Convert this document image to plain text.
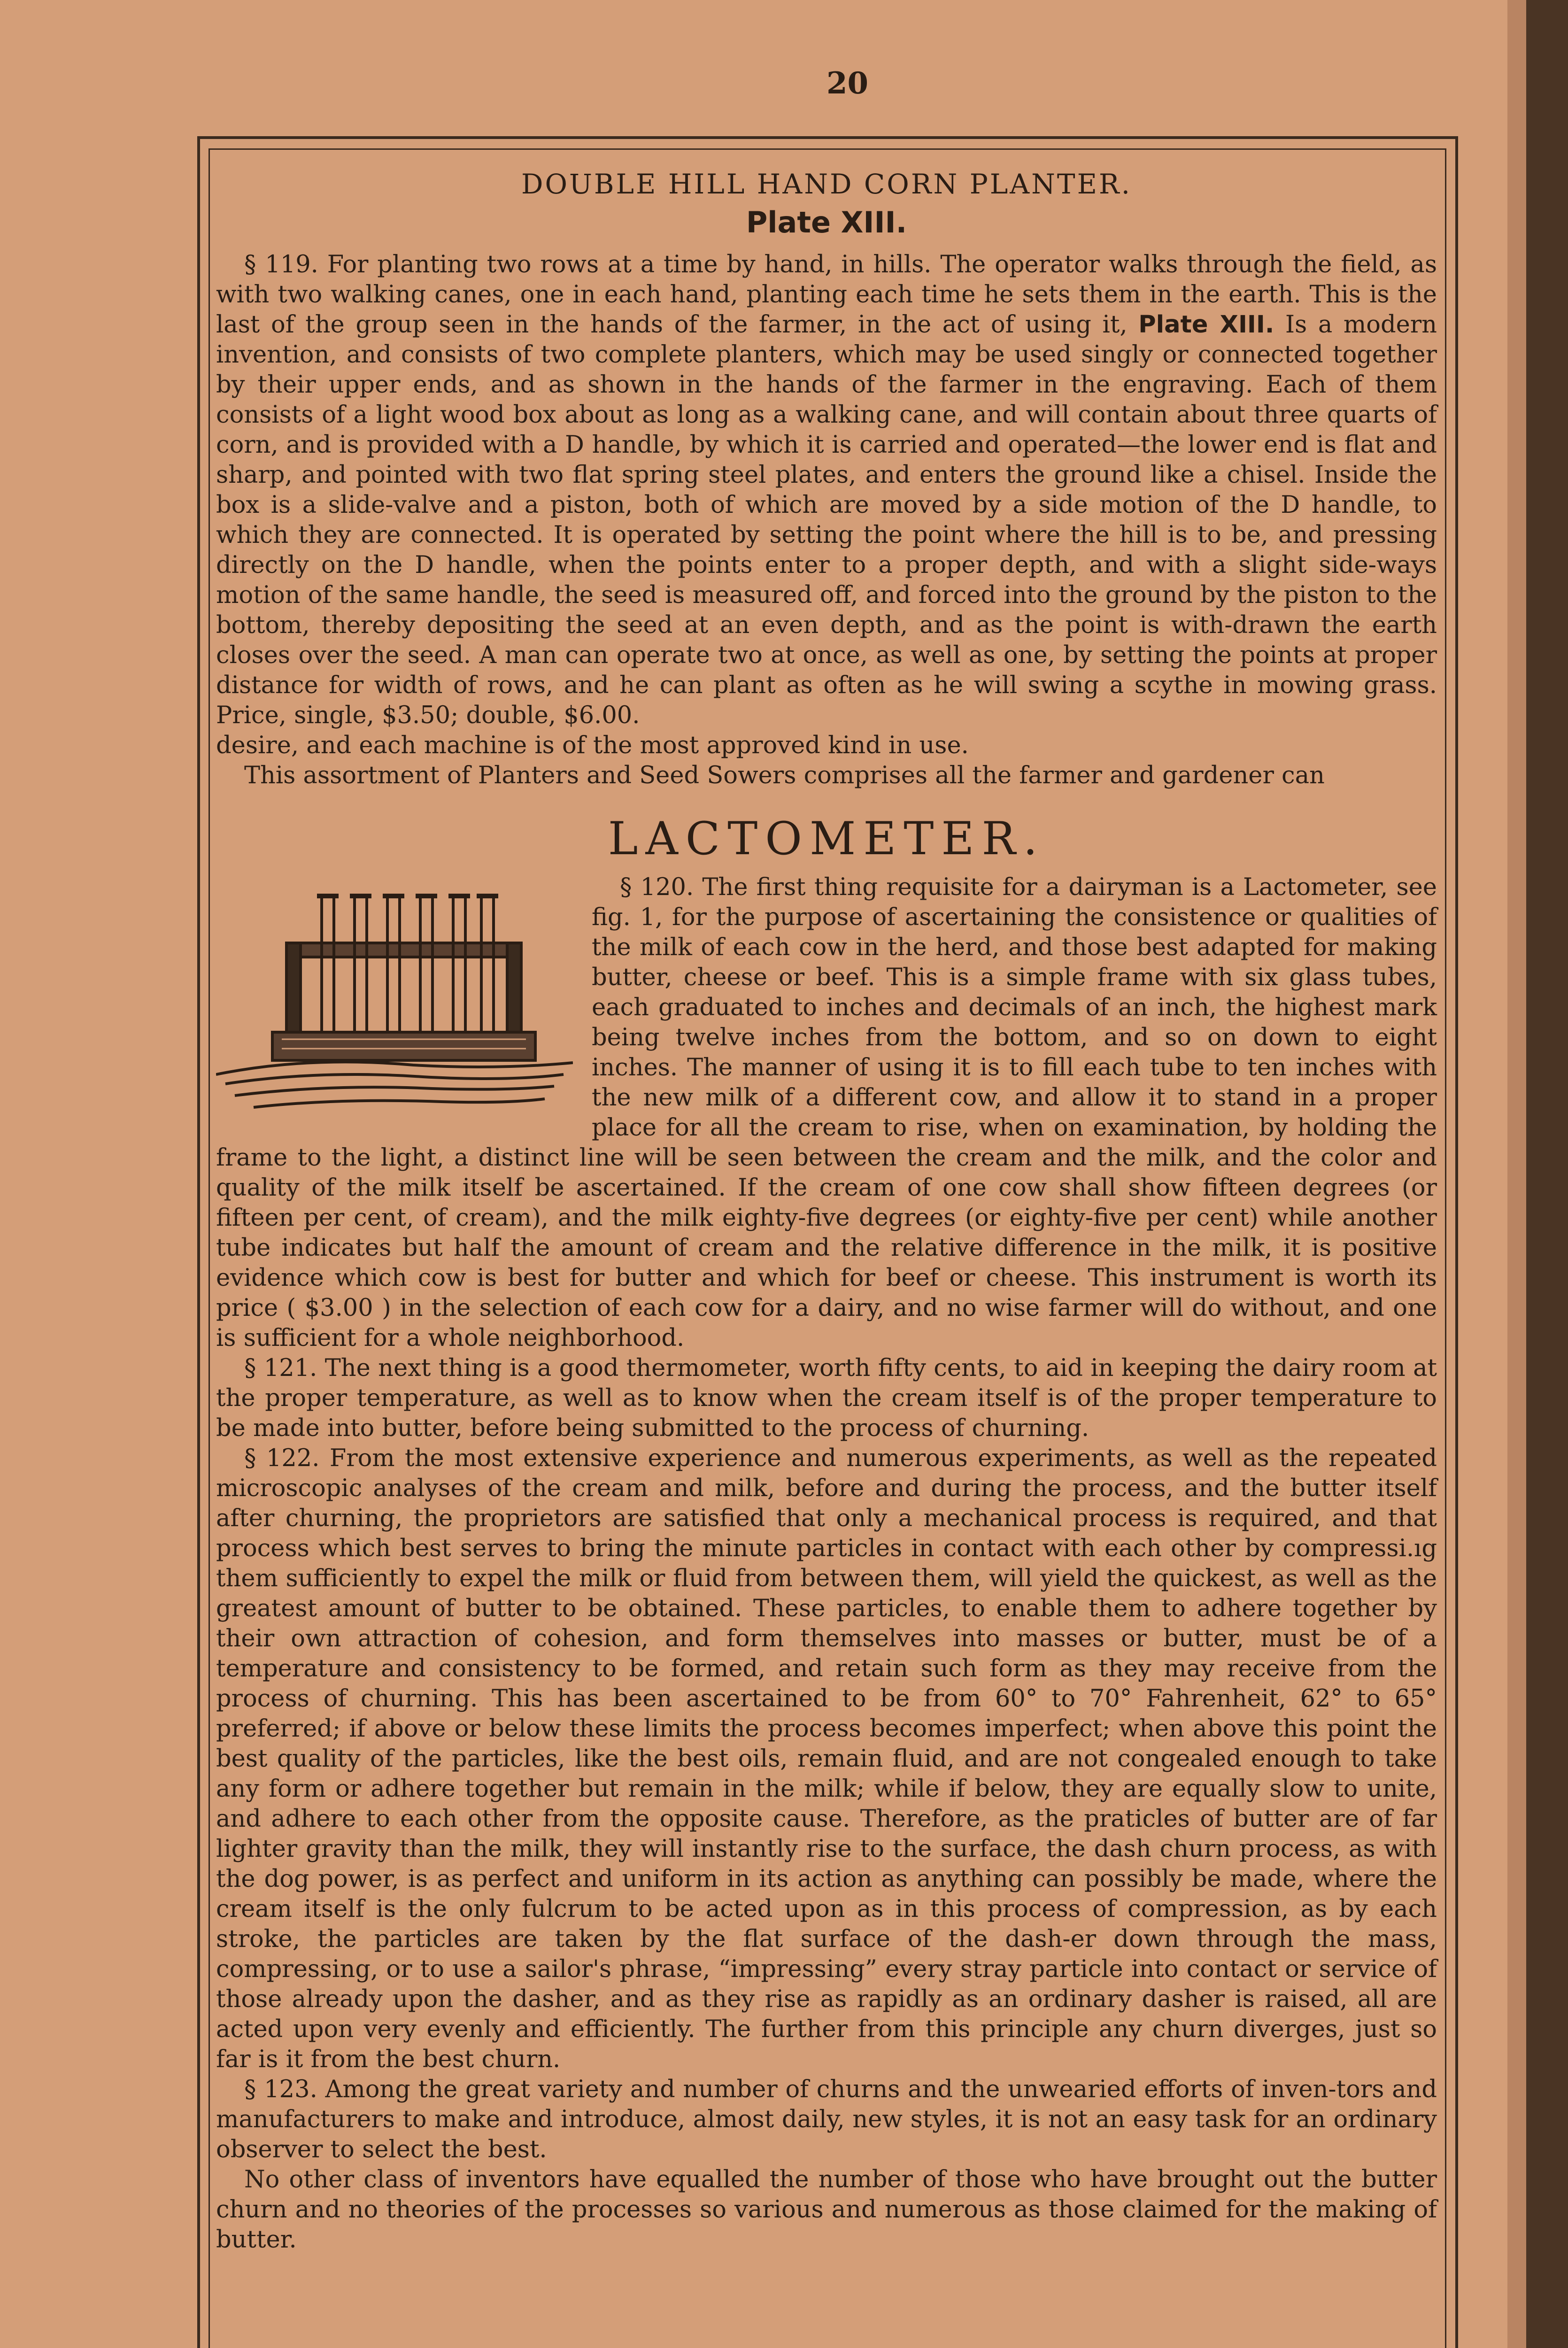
20
DOUBLE HILL HAND CORN PLANTER.
Plate XIII.

§ 119. For planting two rows at a time by hand, in hills. The operator walks through the field, as with two walking canes, one in each hand, planting each time he sets them in the earth. This is the last of the group seen in the hands of the farmer, in the act of using it, Plate XIII. Is a modern invention, and consists of two complete planters, which may be used singly or connected together by their upper ends, and as shown in the hands of the farmer in the engraving. Each of them consists of a light wood box about as long as a walking cane, and will contain about three quarts of corn, and is provided with a D handle, by which it is carried and operated—the lower end is flat and sharp, and pointed with two flat spring steel plates, and enters the ground like a chisel. Inside the box is a slide-valve and a piston, both of which are moved by a side motion of the D handle, to which they are connected. It is operated by setting the point where the hill is to be, and pressing directly on the D handle, when the points enter to a proper depth, and with a slight side-ways motion of the same handle, the seed is measured off, and forced into the ground by the piston to the bottom, thereby depositing the seed at an even depth, and as the point is with-drawn the earth closes over the seed. A man can operate two at once, as well as one, by setting the points at proper distance for width of rows, and he can plant as often as he will swing a scythe in mowing grass. Price, single, $3.50; double, $6.00.

desire, and each machine is of the most approved kind in use.

This assortment of Planters and Seed Sowers comprises all the farmer and gardener can

LACTOMETER.

§ 120. The first thing requisite for a dairyman is a Lactometer, see fig. 1, for the purpose of ascertaining the consistence or qualities of the milk of each cow in the herd, and those best adapted for making butter, cheese or beef. This is a simple frame with six glass tubes, each graduated to inches and decimals of an inch, the highest mark being twelve inches from the bottom, and so on down to eight inches. The manner of using it is to fill each tube to ten inches with the new milk of a different cow, and allow it to stand in a proper place for all the cream to rise, when on examination, by holding the frame to the light, a distinct line will be seen between the cream and the milk, and the color and quality of the milk itself be ascertained. If the cream of one cow shall show fifteen degrees (or fifteen per cent, of cream), and the milk eighty-five degrees (or eighty-five per cent) while another tube indicates but half the amount of cream and the relative difference in the milk, it is positive evidence which cow is best for butter and which for beef or cheese. This instrument is worth its price ( $3.00 ) in the selection of each cow for a dairy, and no wise farmer will do without, and one is sufficient for a whole neighborhood.

§ 121. The next thing is a good thermometer, worth fifty cents, to aid in keeping the dairy room at the proper temperature, as well as to know when the cream itself is of the proper temperature to be made into butter, before being submitted to the process of churning.

§ 122. From the most extensive experience and numerous experiments, as well as the repeated microscopic analyses of the cream and milk, before and during the process, and the butter itself after churning, the proprietors are satisfied that only a mechanical process is required, and that process which best serves to bring the minute particles in contact with each other by compressi.ıg them sufficiently to expel the milk or fluid from between them, will yield the quickest, as well as the greatest amount of butter to be obtained. These particles, to enable them to adhere together by their own attraction of cohesion, and form themselves into masses or butter, must be of a temperature and consistency to be formed, and retain such form as they may receive from the process of churning. This has been ascertained to be from 60° to 70° Fahrenheit, 62° to 65° preferred; if above or below these limits the process becomes imperfect; when above this point the best quality of the particles, like the best oils, remain fluid, and are not congealed enough to take any form or adhere together but remain in the milk; while if below, they are equally slow to unite, and adhere to each other from the opposite cause. Therefore, as the praticles of butter are of far lighter gravity than the milk, they will instantly rise to the surface, the dash churn process, as with the dog power, is as perfect and uniform in its action as anything can possibly be made, where the cream itself is the only fulcrum to be acted upon as in this process of compression, as by each stroke, the particles are taken by the flat surface of the dash-er down through the mass, compressing, or to use a sailor's phrase, “impressing” every stray particle into contact or service of those already upon the dasher, and as they rise as rapidly as an ordinary dasher is raised, all are acted upon very evenly and efficiently. The further from this principle any churn diverges, just so far is it from the best churn.

§ 123. Among the great variety and number of churns and the unwearied efforts of inven-tors and manufacturers to make and introduce, almost daily, new styles, it is not an easy task for an ordinary observer to select the best.

No other class of inventors have equalled the number of those who have brought out the butter churn and no theories of the processes so various and numerous as those claimed for the making of butter.
